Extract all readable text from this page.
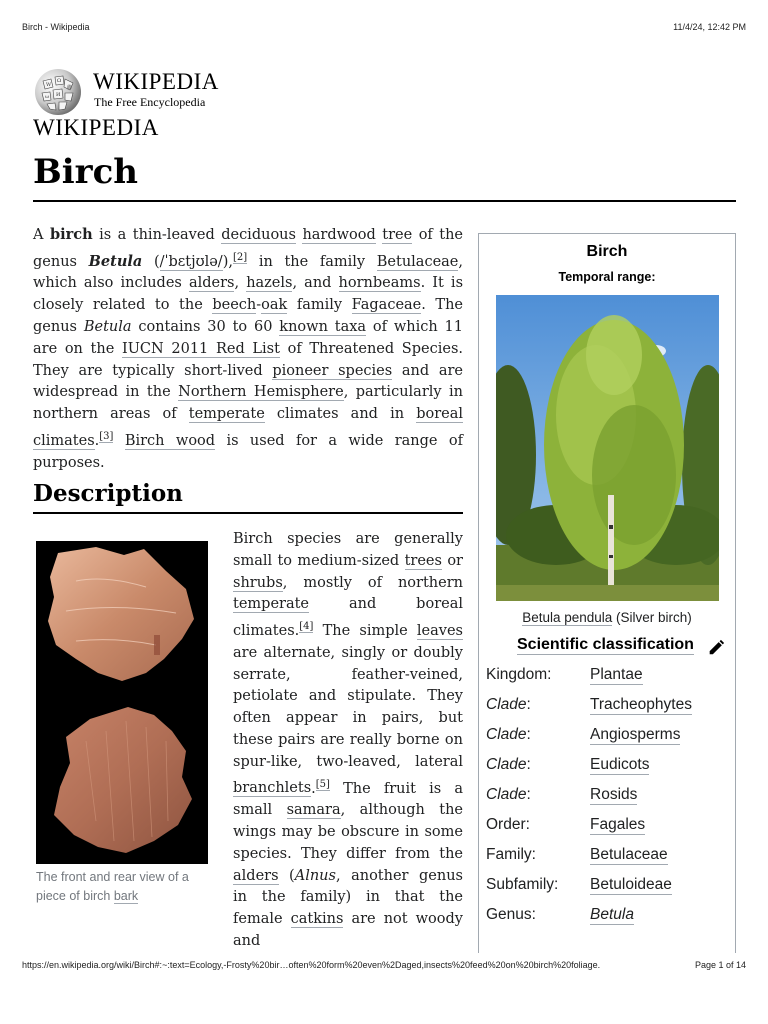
Birch - Wikipedia	11/4/24, 12:42 PM
W
Ω
И
ω
維 WIKIPEDIA
The Free Encyclopedia
WIKIPEDIA
Birch

A birch is a thin-leaved deciduous hardwood tree of the genus Betula (/ˈbɛtjʊlə/),[2] in the family Betulaceae, which also includes alders, hazels, and hornbeams. It is closely related to the beech-oak family Fagaceae. The genus Betula contains 30 to 60 known taxa of which 11 are on the IUCN 2011 Red List of Threatened Species. They are typically short-lived pioneer species and are widespread in the Northern Hemisphere, particularly in northern areas of temperate climates and in boreal climates.[3] Birch wood is used for a wide range of purposes.

Description

The front and rear view of a piece of birch bark

Birch species are generally small to medium-sized trees or shrubs, mostly of northern temperate and boreal climates.[4] The simple leaves are alternate, singly or doubly serrate, feather-veined, petiolate and stipulate. They often appear in pairs, but these pairs are really borne on spur-like, two-leaved, lateral branchlets.[5] The fruit is a small samara, although the wings may be obscure in some species. They differ from the alders (Alnus, another genus in the family) in that the female catkins are not woody and

Birch
Temporal range:
Betula pendula (Silver birch)
Scientific classification
Kingdom: Plantae
Clade:	Tracheophytes
Clade:	Angiosperms
Clade:	Eudicots
Clade:	Rosids
Order:	Fagales
Family:	Betulaceae
Subfamily: Betuloideae
Genus:	Betula
https://en.wikipedia.org/wiki/Birch#:~:text=Ecology,-Frosty%20bir…often%20form%20even%2Daged,insects%20feed%20on%20birch%20foliage.	Page 1 of 14
